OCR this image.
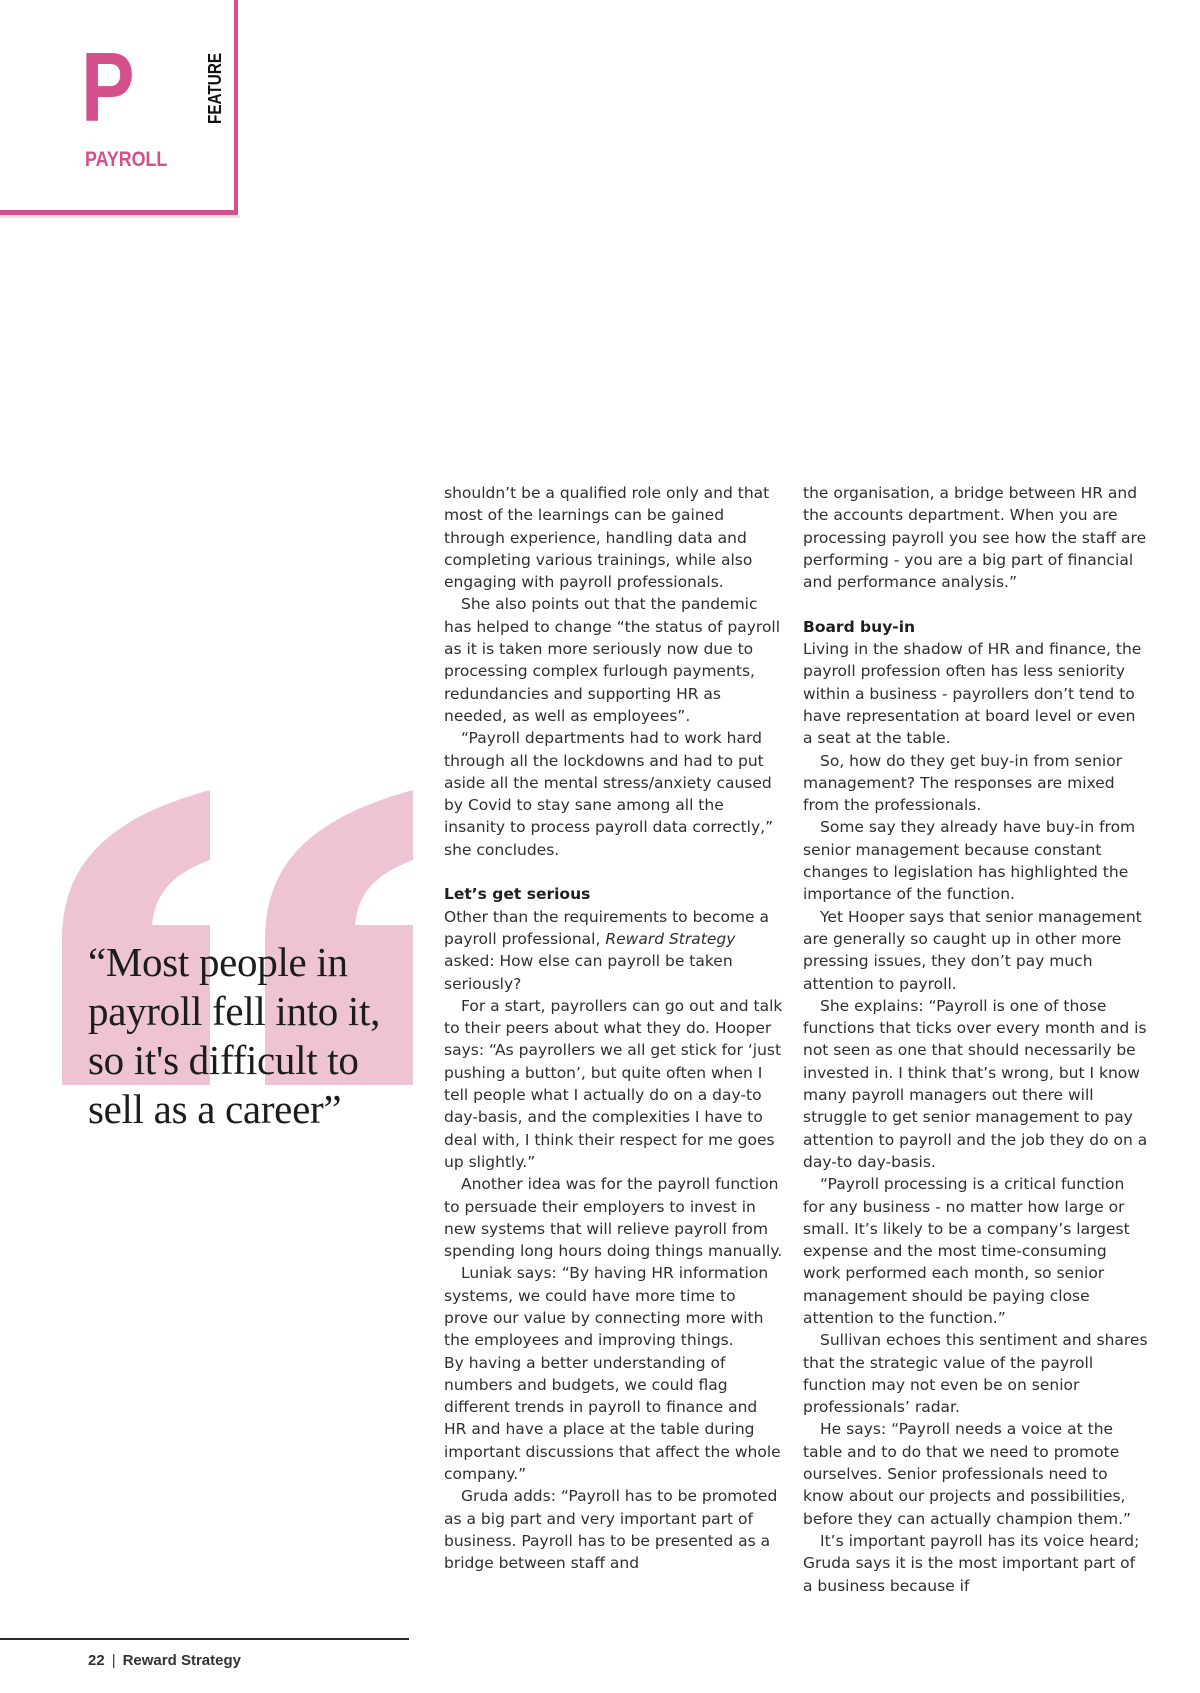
P
PAYROLL
FEATURE

“Most people in payroll fell into it, so it's difficult to sell as a career”

shouldn’t be a qualified role only and that most of the learnings can be gained through experience, handling data and completing various trainings, while also engaging with payroll professionals.

She also points out that the pandemic has helped to change “the status of payroll as it is taken more seriously now due to processing complex furlough payments, redundancies and supporting HR as needed, as well as employees”.

“Payroll departments had to work hard through all the lockdowns and had to put aside all the mental stress/anxiety caused by Covid to stay sane among all the insanity to process payroll data correctly,” she concludes.

Let’s get serious

Other than the requirements to become a payroll professional, Reward Strategy asked: How else can payroll be taken seriously?

For a start, payrollers can go out and talk to their peers about what they do. Hooper says: “As payrollers we all get stick for ‘just pushing a button’, but quite often when I tell people what I actually do on a day-to day-basis, and the complexities I have to deal with, I think their respect for me goes up slightly.”

Another idea was for the payroll function to persuade their employers to invest in new systems that will relieve payroll from spending long hours doing things manually.

Luniak says: “By having HR information systems, we could have more time to prove our value by connecting more with the employees and improving things.

By having a better understanding of numbers and budgets, we could flag different trends in payroll to finance and HR and have a place at the table during important discussions that affect the whole company.”

Gruda adds: “Payroll has to be promoted as a big part and very important part of business. Payroll has to be presented as a bridge between staff and

the organisation, a bridge between HR and the accounts department. When you are processing payroll you see how the staff are performing - you are a big part of financial and performance analysis.”

Board buy-in

Living in the shadow of HR and finance, the payroll profession often has less seniority within a business - payrollers don’t tend to have representation at board level or even a seat at the table.

So, how do they get buy-in from senior management? The responses are mixed from the professionals.

Some say they already have buy-in from senior management because constant changes to legislation has highlighted the importance of the function.

Yet Hooper says that senior management are generally so caught up in other more pressing issues, they don’t pay much attention to payroll.

She explains: “Payroll is one of those functions that ticks over every month and is not seen as one that should necessarily be invested in. I think that’s wrong, but I know many payroll managers out there will struggle to get senior management to pay attention to payroll and the job they do on a day-to day-basis.

“Payroll processing is a critical function for any business - no matter how large or small. It’s likely to be a company’s largest expense and the most time-consuming work performed each month, so senior management should be paying close attention to the function.”

Sullivan echoes this sentiment and shares that the strategic value of the payroll function may not even be on senior professionals’ radar.

He says: “Payroll needs a voice at the table and to do that we need to promote ourselves. Senior professionals need to know about our projects and possibilities, before they can actually champion them.”

It’s important payroll has its voice heard; Gruda says it is the most important part of a business because if

22 | Reward Strategy
